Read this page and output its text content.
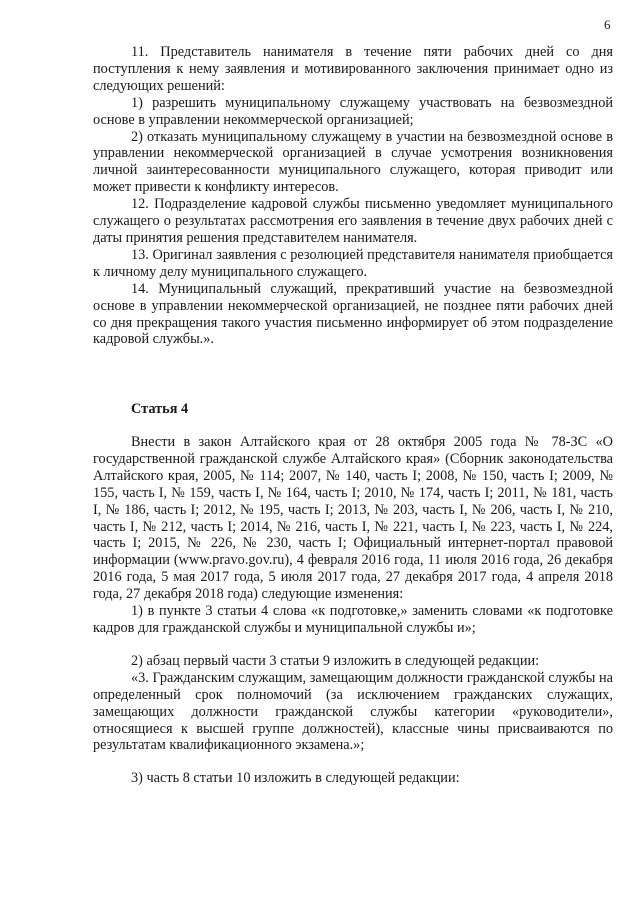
6

11. Представитель нанимателя в течение пяти рабочих дней со дня поступления к нему заявления и мотивированного заключения принимает одно из следующих решений:

1) разрешить муниципальному служащему участвовать на безвозмездной основе в управлении некоммерческой организацией;

2) отказать муниципальному служащему в участии на безвозмездной основе в управлении некоммерческой организацией в случае усмотрения возникновения личной заинтересованности муниципального служащего, которая приводит или может привести к конфликту интересов.

12. Подразделение кадровой службы письменно уведомляет муниципального служащего о результатах рассмотрения его заявления в течение двух рабочих дней с даты принятия решения представителем нанимателя.

13. Оригинал заявления с резолюцией представителя нанимателя приобщается к личному делу муниципального служащего.

14. Муниципальный служащий, прекративший участие на безвозмездной основе в управлении некоммерческой организацией, не позднее пяти рабочих дней со дня прекращения такого участия письменно информирует об этом подразделение кадровой службы.».

Статья 4

Внести в закон Алтайского края от 28 октября 2005 года № 78-ЗС «О государственной гражданской службе Алтайского края» (Сборник законодательства Алтайского края, 2005, № 114; 2007, № 140, часть I; 2008, № 150, часть I; 2009, № 155, часть I, № 159, часть I, № 164, часть I; 2010, № 174, часть I; 2011, № 181, часть I, № 186, часть I; 2012, № 195, часть I; 2013, № 203, часть I, № 206, часть I, № 210, часть I, № 212, часть I; 2014, № 216, часть I, № 221, часть I, № 223, часть I, № 224, часть I; 2015, № 226, № 230, часть I; Официальный интернет-портал правовой информации (www.pravo.gov.ru), 4 февраля 2016 года, 11 июля 2016 года, 26 декабря 2016 года, 5 мая 2017 года, 5 июля 2017 года, 27 декабря 2017 года, 4 апреля 2018 года, 27 декабря 2018 года) следующие изменения:

1) в пункте 3 статьи 4 слова «к подготовке,» заменить словами «к подготовке кадров для гражданской службы и муниципальной службы и»;

2) абзац первый части 3 статьи 9 изложить в следующей редакции:

«3. Гражданским служащим, замещающим должности гражданской службы на определенный срок полномочий (за исключением гражданских служащих, замещающих должности гражданской службы категории «руководители», относящиеся к высшей группе должностей), классные чины присваиваются по результатам квалификационного экзамена.»;

3) часть 8 статьи 10 изложить в следующей редакции:
